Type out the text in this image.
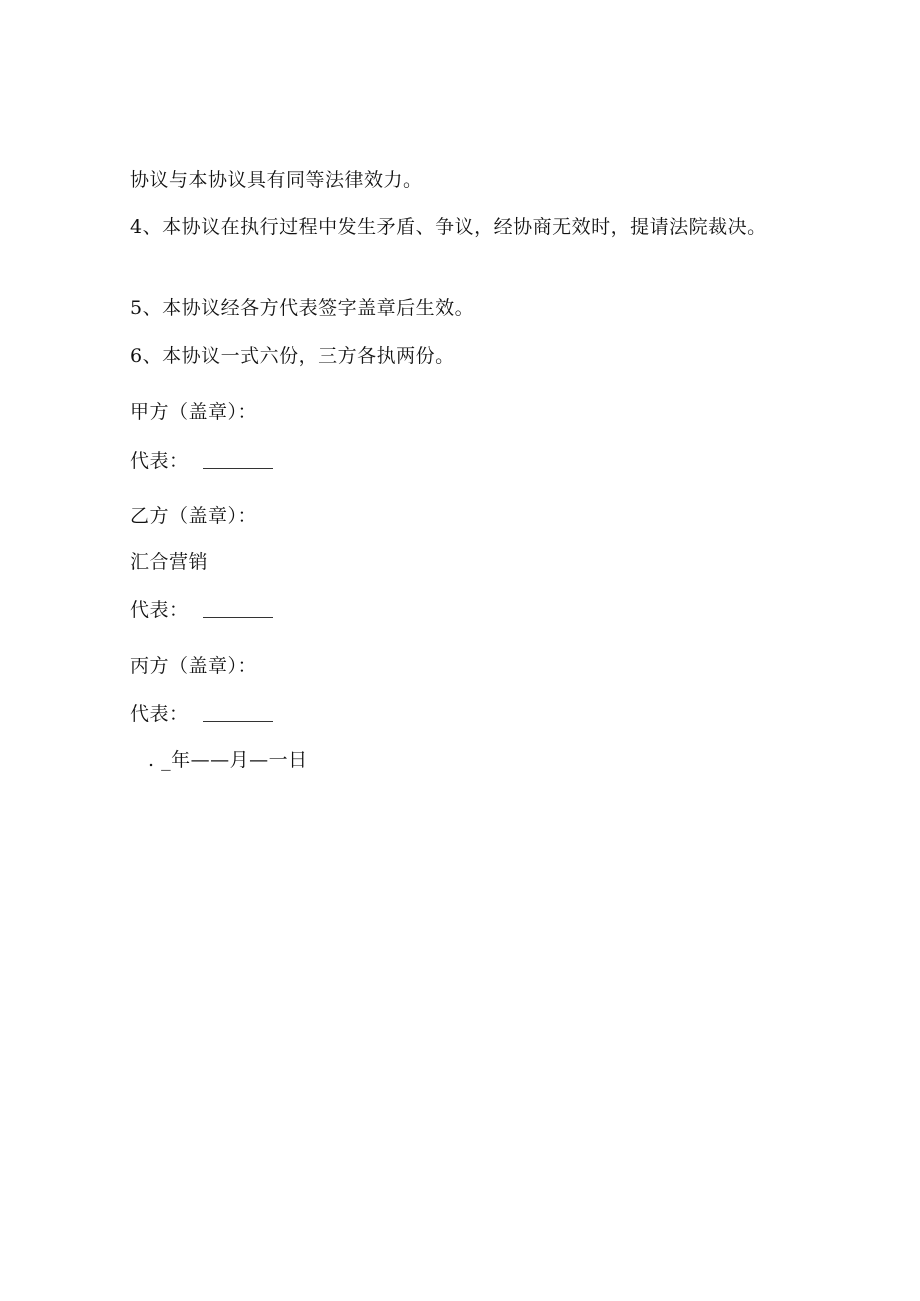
协议与本协议具有同等法律效力。
4、本协议在执行过程中发生矛盾、争议，经协商无效时，提请法院裁决。
5、本协议经各方代表签字盖章后生效。
6、本协议一式六份，三方各执两份。
甲方（盖章）：
代表：
乙方（盖章）：
汇合营销
代表：
丙方（盖章）：
代表：
. _年——月—一日
